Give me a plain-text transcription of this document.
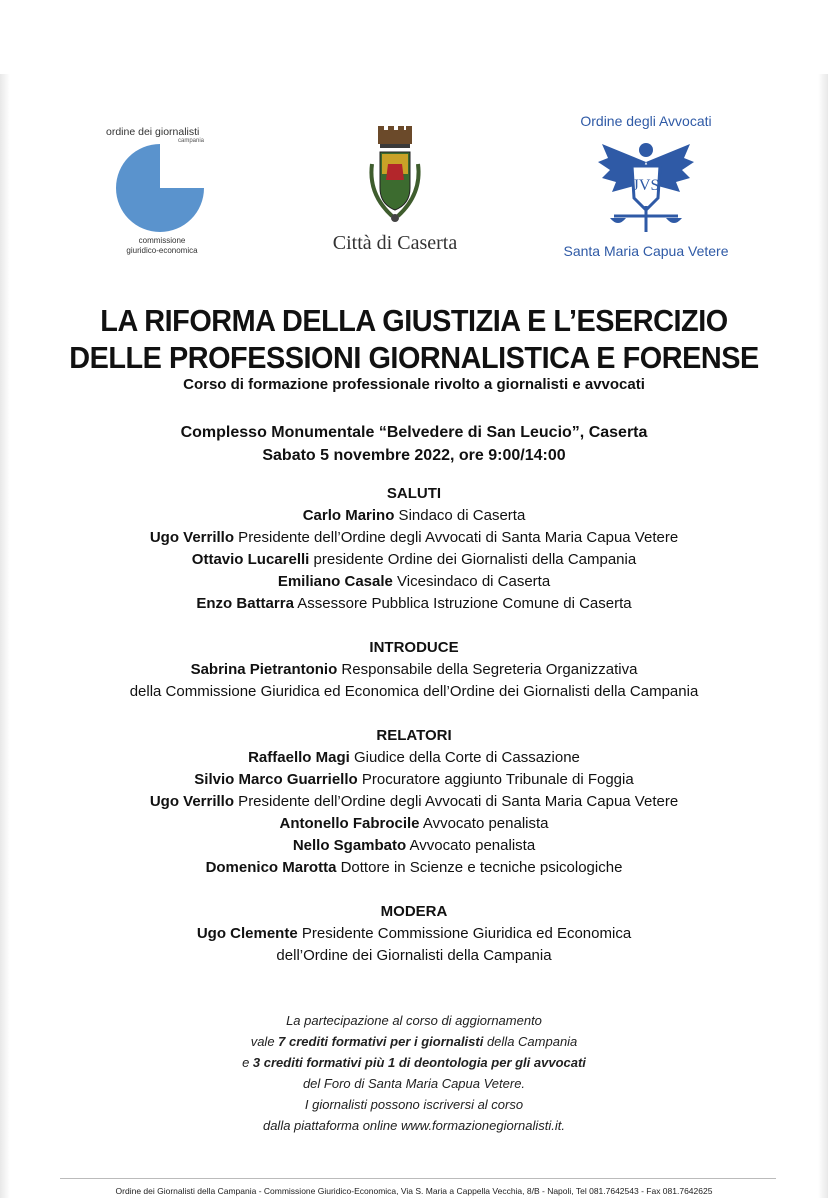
ordine dei giornalisti
campania
commissione
giuridico-economica	Città di Caserta
Ordine degli Avvocati
JVS
Santa Maria Capua Vetere
LA RIFORMA DELLA GIUSTIZIA E L’ESERCIZIO
DELLE PROFESSIONI GIORNALISTICA E FORENSE
Corso di formazione professionale rivolto a giornalisti e avvocati
Complesso Monumentale “Belvedere di San Leucio”, Caserta
Sabato 5 novembre 2022, ore 9:00/14:00
SALUTI
Carlo Marino Sindaco di Caserta
Ugo Verrillo Presidente dell’Ordine degli Avvocati di Santa Maria Capua Vetere
Ottavio Lucarelli presidente Ordine dei Giornalisti della Campania
Emiliano Casale Vicesindaco di Caserta
Enzo Battarra Assessore Pubblica Istruzione Comune di Caserta
INTRODUCE
Sabrina Pietrantonio Responsabile della Segreteria Organizzativa
della Commissione Giuridica ed Economica dell’Ordine dei Giornalisti della Campania
RELATORI
Raffaello Magi Giudice della Corte di Cassazione
Silvio Marco Guarriello Procuratore aggiunto Tribunale di Foggia
Ugo Verrillo Presidente dell’Ordine degli Avvocati di Santa Maria Capua Vetere
Antonello Fabrocile Avvocato penalista
Nello Sgambato Avvocato penalista
Domenico Marotta Dottore in Scienze e tecniche psicologiche
MODERA
Ugo Clemente Presidente Commissione Giuridica ed Economica
dell’Ordine dei Giornalisti della Campania
La partecipazione al corso di aggiornamento
vale 7 crediti formativi per i giornalisti della Campania
e 3 crediti formativi più 1 di deontologia per gli avvocati
del Foro di Santa Maria Capua Vetere.
I giornalisti possono iscriversi al corso
dalla piattaforma online www.formazionegiornalisti.it.
Ordine dei Giornalisti della Campania - Commissione Giuridico-Economica, Via S. Maria a Cappella Vecchia, 8/B - Napoli, Tel 081.7642543 - Fax 081.7642625
